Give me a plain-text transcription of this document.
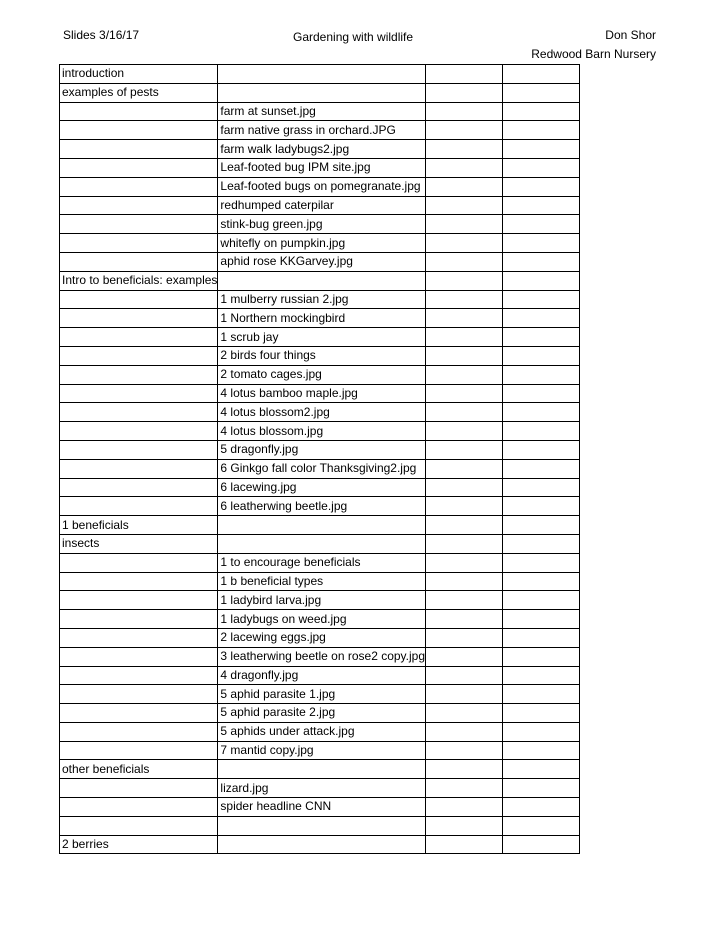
Slides 3/16/17	Gardening with wildlife	Don Shor
Redwood Barn Nursery
introduction			
examples of pests			
	farm at sunset.jpg		
	farm native grass in orchard.JPG		
	farm walk ladybugs2.jpg		
	Leaf-footed bug IPM site.jpg		
	Leaf-footed bugs on pomegranate.jpg		
	redhumped caterpilar		
	stink-bug green.jpg		
	whitefly on pumpkin.jpg		
	aphid rose KKGarvey.jpg		
Intro to beneficials: examples			
	1 mulberry russian 2.jpg		
	1 Northern mockingbird		
	1 scrub jay		
	2 birds four things		
	2 tomato cages.jpg		
	4 lotus bamboo maple.jpg		
	4 lotus blossom2.jpg		
	4 lotus blossom.jpg		
	5 dragonfly.jpg		
	6 Ginkgo fall color Thanksgiving2.jpg		
	6 lacewing.jpg		
	6 leatherwing beetle.jpg		
1 beneficials			
insects			
	1 to encourage beneficials		
	1 b beneficial types		
	1 ladybird larva.jpg		
	1 ladybugs on weed.jpg		
	2 lacewing eggs.jpg		
	3 leatherwing beetle on rose2 copy.jpg		
	4 dragonfly.jpg		
	5 aphid parasite 1.jpg		
	5 aphid parasite 2.jpg		
	5 aphids under attack.jpg		
	7 mantid copy.jpg		
other beneficials			
	lizard.jpg		
	spider headline CNN		

2 berries			
